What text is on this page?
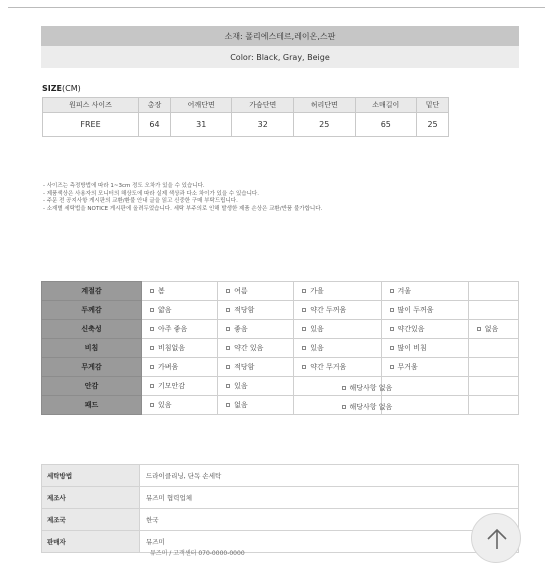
소재: 폴리에스테르,레이온,스판
Color: Black, Gray, Beige
SIZE(CM)
원피스 사이즈	총장	어깨단면	가슴단면	허리단면	소매길이	밑단
FREE	64	31	32	25	65	25
- 사이즈는 측정방법에 따라 1~3cm 정도 오차가 있을 수 있습니다.
- 제품색상은 사용자의 모니터의 해상도에 따라 실제 색상과 다소 차이가 있을 수 있습니다.
- 주문 전 공지사항 게시판의 교환/환불 안내 글을 읽고 신중한 구매 부탁드립니다.
- 소재별 세탁법을 NOTICE 게시판에 올려두었습니다. 세탁 부주의로 인해 발생한 제품 손상은 교환/반품 불가합니다.
계절감	봄	여름	가을	겨울	
두께감	얇음	적당함	약간 두꺼움	많이 두꺼움	
신축성	아주 좋음	좋음	있음	약간있음	없음
비침	비침없음	약간 있음	있음	많이 비침	
무게감	가벼움	적당함	약간 무거움	무거움	
안감	기모안감	있음		해당사항 없음	

패드	있음	없음		해당사항 없음	

세탁방법	드라이클리닝, 단독 손세탁
제조사	뮤즈미 협력업체
제조국	한국
판매자	뮤즈미
뮤즈미 / 고객센터 070-0000-0000
